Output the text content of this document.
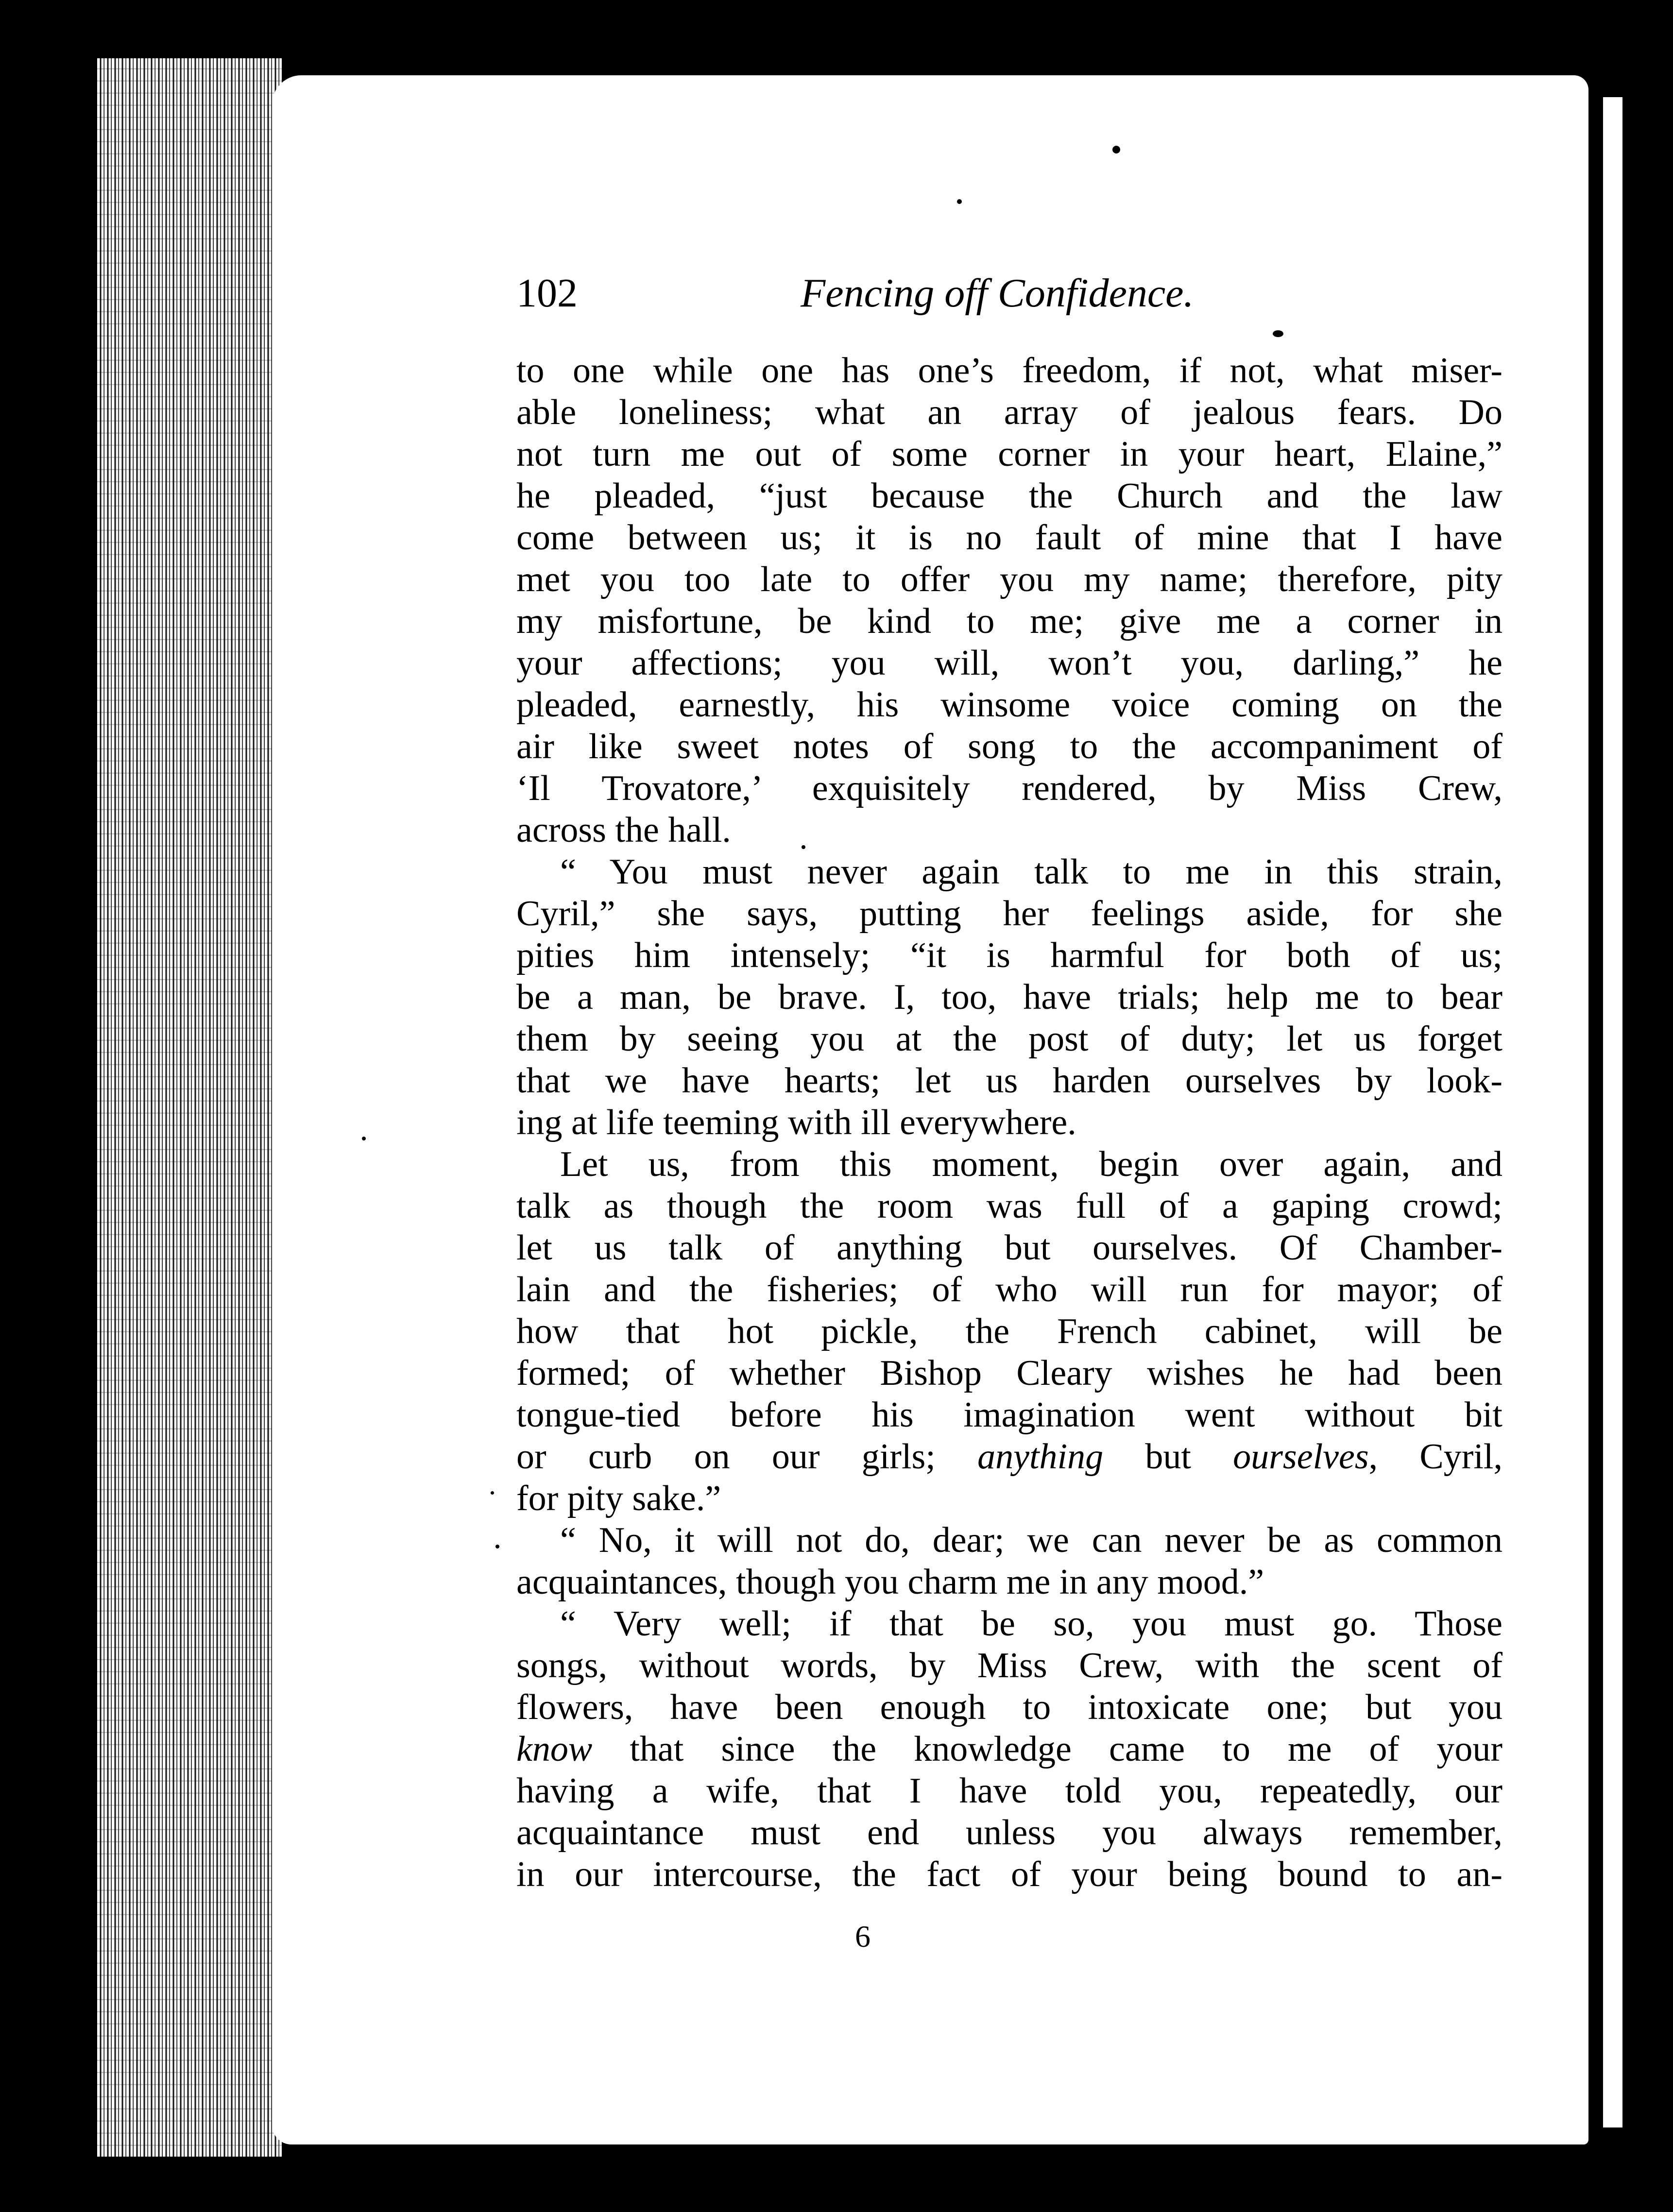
102	Fencing off Confidence.
to one while one has one’s freedom, if not, what miser-
able loneliness; what an array of jealous fears. Do
not turn me out of some corner in your heart, Elaine,”
he pleaded, “just because the Church and the law
come between us; it is no fault of mine that I have
met you too late to offer you my name; therefore, pity
my misfortune, be kind to me; give me a corner in
your affections; you will, won’t you, darling,” he
pleaded, earnestly, his winsome voice coming on the
air like sweet notes of song to the accompaniment of
‘Il Trovatore,’ exquisitely rendered, by Miss Crew,
across the hall.
“ You must never again talk to me in this strain,
Cyril,” she says, putting her feelings aside, for she
pities him intensely; “it is harmful for both of us;
be a man, be brave. I, too, have trials; help me to bear
them by seeing you at the post of duty; let us forget
that we have hearts; let us harden ourselves by look-
ing at life teeming with ill everywhere.
Let us, from this moment, begin over again, and
talk as though the room was full of a gaping crowd;
let us talk of anything but ourselves. Of Chamber-
lain and the fisheries; of who will run for mayor; of
how that hot pickle, the French cabinet, will be
formed; of whether Bishop Cleary wishes he had been
tongue-tied before his imagination went without bit
or curb on our girls; anything but ourselves, Cyril,
for pity sake.”
“ No, it will not do, dear; we can never be as common
acquaintances, though you charm me in any mood.”
“ Very well; if that be so, you must go. Those
songs, without words, by Miss Crew, with the scent of
flowers, have been enough to intoxicate one; but you
know that since the knowledge came to me of your
having a wife, that I have told you, repeatedly, our
acquaintance must end unless you always remember,
in our intercourse, the fact of your being bound to an-
6
